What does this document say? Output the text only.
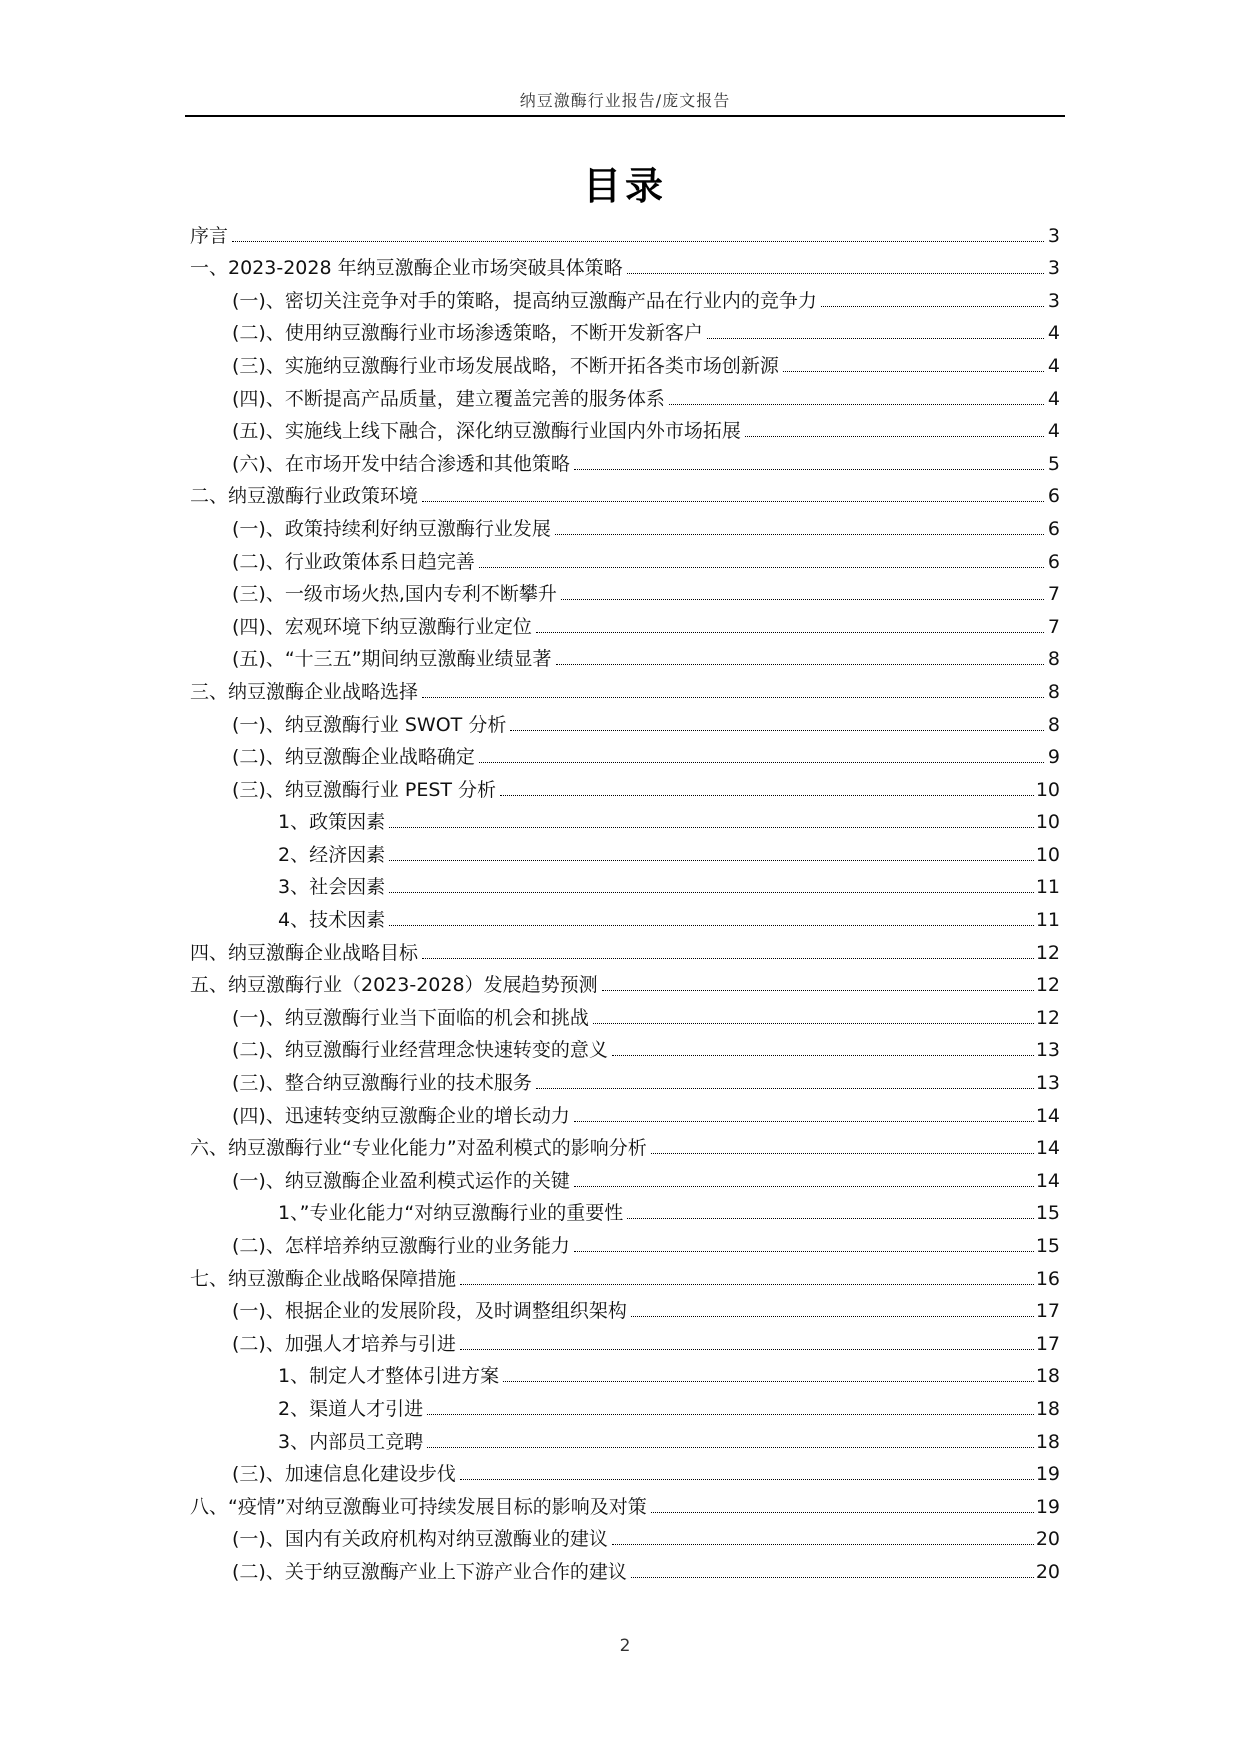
纳豆激酶行业报告/庞文报告
目录
序言	3
一、2023-2028 年纳豆激酶企业市场突破具体策略	3
(一)、密切关注竞争对手的策略，提高纳豆激酶产品在行业内的竞争力	3
(二)、使用纳豆激酶行业市场渗透策略，不断开发新客户	4
(三)、实施纳豆激酶行业市场发展战略，不断开拓各类市场创新源	4
(四)、不断提高产品质量，建立覆盖完善的服务体系	4
(五)、实施线上线下融合，深化纳豆激酶行业国内外市场拓展	4
(六)、在市场开发中结合渗透和其他策略	5
二、纳豆激酶行业政策环境	6
(一)、政策持续利好纳豆激酶行业发展	6
(二)、行业政策体系日趋完善	6
(三)、一级市场火热,国内专利不断攀升	7
(四)、宏观环境下纳豆激酶行业定位	7
(五)、“十三五”期间纳豆激酶业绩显著	8
三、纳豆激酶企业战略选择	8
(一)、纳豆激酶行业 SWOT 分析	8
(二)、纳豆激酶企业战略确定	9
(三)、纳豆激酶行业 PEST 分析	10
1、政策因素	10
2、经济因素	10
3、社会因素	11
4、技术因素	11
四、纳豆激酶企业战略目标	12
五、纳豆激酶行业（2023-2028）发展趋势预测	12
(一)、纳豆激酶行业当下面临的机会和挑战	12
(二)、纳豆激酶行业经营理念快速转变的意义	13
(三)、整合纳豆激酶行业的技术服务	13
(四)、迅速转变纳豆激酶企业的增长动力	14
六、纳豆激酶行业“专业化能力”对盈利模式的影响分析	14
(一)、纳豆激酶企业盈利模式运作的关键	14
1、”专业化能力“对纳豆激酶行业的重要性	15
(二)、怎样培养纳豆激酶行业的业务能力	15
七、纳豆激酶企业战略保障措施	16
(一)、根据企业的发展阶段，及时调整组织架构	17
(二)、加强人才培养与引进	17
1、制定人才整体引进方案	18
2、渠道人才引进	18
3、内部员工竞聘	18
(三)、加速信息化建设步伐	19
八、“疫情”对纳豆激酶业可持续发展目标的影响及对策	19
(一)、国内有关政府机构对纳豆激酶业的建议	20
(二)、关于纳豆激酶产业上下游产业合作的建议	20
2
